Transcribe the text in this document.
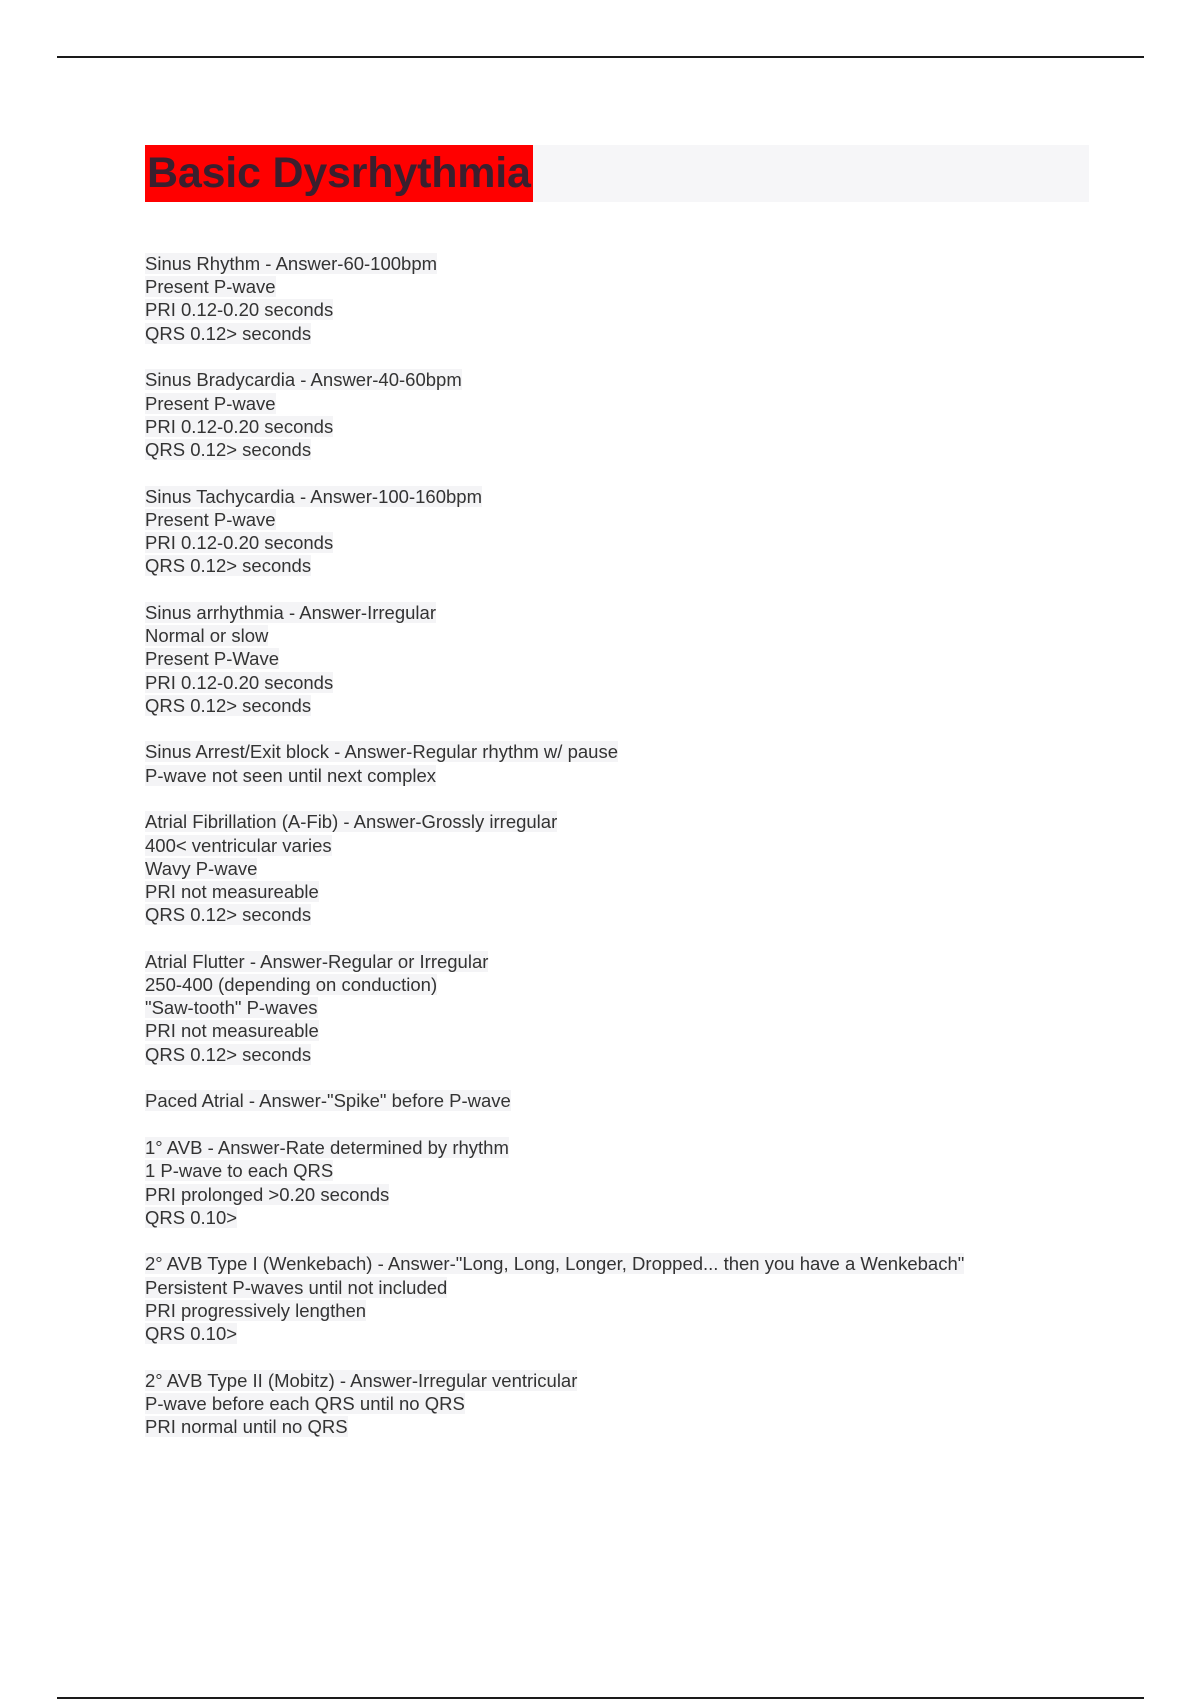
Basic Dysrhythmia
Sinus Rhythm - Answer-60-100bpm
Present P-wave
PRI 0.12-0.20 seconds
QRS 0.12> seconds
Sinus Bradycardia - Answer-40-60bpm
Present P-wave
PRI 0.12-0.20 seconds
QRS 0.12> seconds
Sinus Tachycardia - Answer-100-160bpm
Present P-wave
PRI 0.12-0.20 seconds
QRS 0.12> seconds
Sinus arrhythmia - Answer-Irregular
Normal or slow
Present P-Wave
PRI 0.12-0.20 seconds
QRS 0.12> seconds
Sinus Arrest/Exit block - Answer-Regular rhythm w/ pause
P-wave not seen until next complex
Atrial Fibrillation (A-Fib) - Answer-Grossly irregular
400< ventricular varies
Wavy P-wave
PRI not measureable
QRS 0.12> seconds
Atrial Flutter - Answer-Regular or Irregular
250-400 (depending on conduction)
"Saw-tooth" P-waves
PRI not measureable
QRS 0.12> seconds
Paced Atrial - Answer-"Spike" before P-wave
1° AVB - Answer-Rate determined by rhythm
1 P-wave to each QRS
PRI prolonged >0.20 seconds
QRS 0.10>
2° AVB Type I (Wenkebach) - Answer-"Long, Long, Longer, Dropped... then you have a Wenkebach"
Persistent P-waves until not included
PRI progressively lengthen
QRS 0.10>
2° AVB Type II (Mobitz) - Answer-Irregular ventricular
P-wave before each QRS until no QRS
PRI normal until no QRS
